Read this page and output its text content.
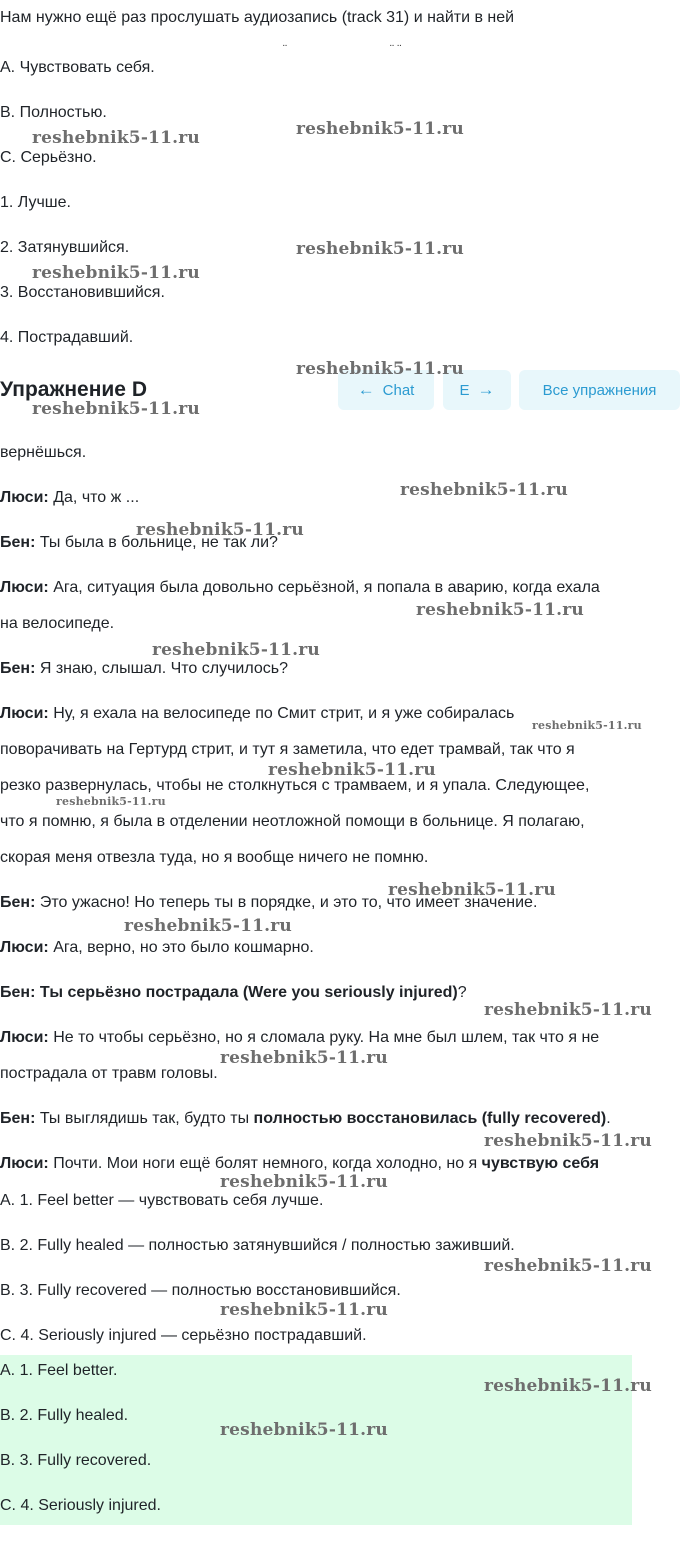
Нам нужно ещё раз прослушать аудиозапись (track 31) и найти в ней
¨	¨ ¨
A. Чувствовать себя.
B. Полностью.
C. Серьёзно.
1. Лучше.
2. Затянувшийся.
3. Восстановившийся.
4. Пострадавший.
Упражнение D	← Chat	E →	Все упражнения
вернёшься.
Люси: Да, что ж ...
Бен: Ты была в больнице, не так ли?
Люси: Ага, ситуация была довольно серьёзной, я попала в аварию, когда ехала
на велосипеде.
Бен: Я знаю, слышал. Что случилось?
Люси: Ну, я ехала на велосипеде по Смит стрит, и я уже собиралась
поворачивать на Гертурд стрит, и тут я заметила, что едет трамвай, так что я
резко развернулась, чтобы не столкнуться с трамваем, и я упала. Следующее,
что я помню, я была в отделении неотложной помощи в больнице. Я полагаю,
скорая меня отвезла туда, но я вообще ничего не помню.
Бен: Это ужасно! Но теперь ты в порядке, и это то, что имеет значение.
Люси: Ага, верно, но это было кошмарно.
Бен: Ты серьёзно пострадала (Were you seriously injured)?
Люси: Не то чтобы серьёзно, но я сломала руку. На мне был шлем, так что я не
пострадала от травм головы.
Бен: Ты выглядишь так, будто ты полностью восстановилась (fully recovered).
Люси: Почти. Мои ноги ещё болят немного, когда холодно, но я чувствую себя
A. 1. Feel better — чувствовать себя лучше.
B. 2. Fully healed — полностью затянувшийся / полностью заживший.
B. 3. Fully recovered — полностью восстановившийся.
C. 4. Seriously injured — серьёзно пострадавший.
A. 1. Feel better.
B. 2. Fully healed.
B. 3. Fully recovered.
C. 4. Seriously injured.
reshebnik5-11.ru	reshebnik5-11.ru
reshebnik5-11.ru
reshebnik5-11.ru
reshebnik5-11.ru
reshebnik5-11.ru
reshebnik5-11.ru
reshebnik5-11.ru
reshebnik5-11.ru
reshebnik5-11.ru
reshebnik5-11.ru
reshebnik5-11.ru
reshebnik5-11.ru
reshebnik5-11.ru
reshebnik5-11.ru
reshebnik5-11.ru
reshebnik5-11.ru
reshebnik5-11.ru
reshebnik5-11.ru
reshebnik5-11.ru
reshebnik5-11.ru
reshebnik5-11.ru
reshebnik5-11.ru
